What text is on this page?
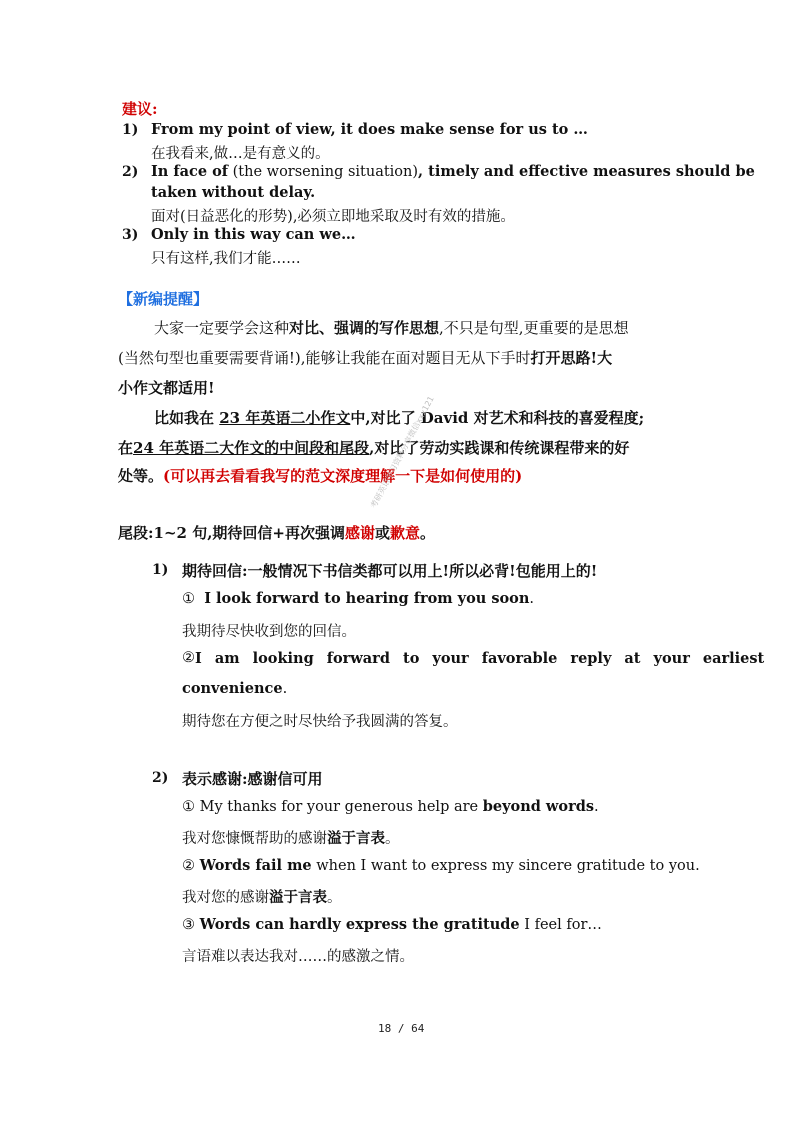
建议:
1) From my point of view, it does make sense for us to …
在我看来,做…是有意义的。
2) In face of (the worsening situation), timely and effective measures should be
taken without delay.
面对(日益恶化的形势),必须立即地采取及时有效的措施。
3) Only in this way can we…
只有这样,我们才能……
【新编提醒】
大家一定要学会这种对比、强调的写作思想,不只是句型,更重要的是思想
(当然句型也重要需要背诵!),能够让我能在面对题目无从下手时打开思路!大
小作文都适用!
比如我在 23 年英语二小作文中,对比了 David 对艺术和科技的喜爱程度;
在24 年英语二大作文的中间段和尾段,对比了劳动实践课和传统课程带来的好
处等。(可以再去看看我写的范文深度理解一下是如何使用的)
尾段:1~2 句,期待回信+再次强调感谢或歉意。
考研英语学习资料分享微信xxx121
1) 期待回信:一般情况下书信类都可以用上!所以必背!包能用上的!
① I look forward to hearing from you soon.
我期待尽快收到您的回信。
② I am looking forward to your favorable reply at your earliest
convenience.
期待您在方便之时尽快给予我圆满的答复。
2) 表示感谢:感谢信可用
① My thanks for your generous help are beyond words.
我对您慷慨帮助的感谢溢于言表。
② Words fail me when I want to express my sincere gratitude to you.
我对您的感谢溢于言表。
③ Words can hardly express the gratitude I feel for…
言语难以表达我对……的感激之情。
18 / 64
